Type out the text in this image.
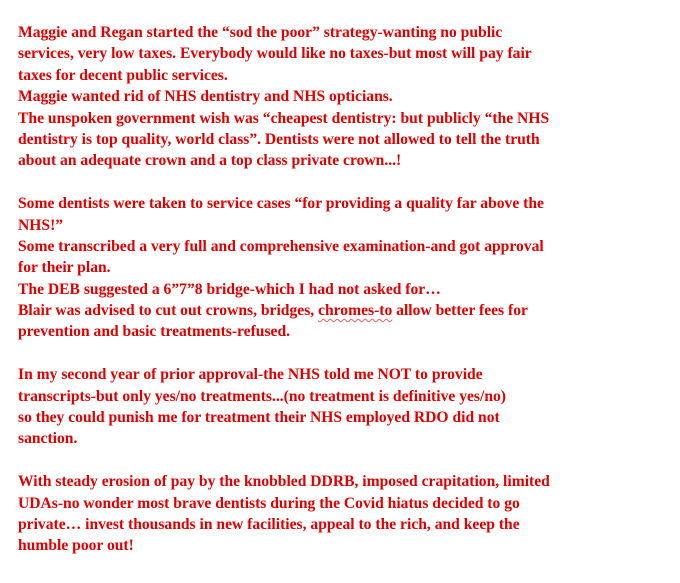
Maggie and Regan started the “sod the poor” strategy-wanting no public
services, very low taxes. Everybody would like no taxes-but most will pay fair
taxes for decent public services.
Maggie wanted rid of NHS dentistry and NHS opticians.
The unspoken government wish was “cheapest dentistry: but publicly “the NHS
dentistry is top quality, world class”. Dentists were not allowed to tell the truth
about an adequate crown and a top class private crown...!
Some dentists were taken to service cases “for providing a quality far above the
NHS!”
Some transcribed a very full and comprehensive examination-and got approval
for their plan.
The DEB suggested a 6”7”8 bridge-which I had not asked for…
Blair was advised to cut out crowns, bridges, chromes-to allow better fees for
prevention and basic treatments-refused.
In my second year of prior approval-the NHS told me NOT to provide
transcripts-but only yes/no treatments...(no treatment is definitive yes/no)
so they could punish me for treatment their NHS employed RDO did not
sanction.
With steady erosion of pay by the knobbled DDRB, imposed crapitation, limited
UDAs-no wonder most brave dentists during the Covid hiatus decided to go
private… invest thousands in new facilities, appeal to the rich, and keep the
humble poor out!
